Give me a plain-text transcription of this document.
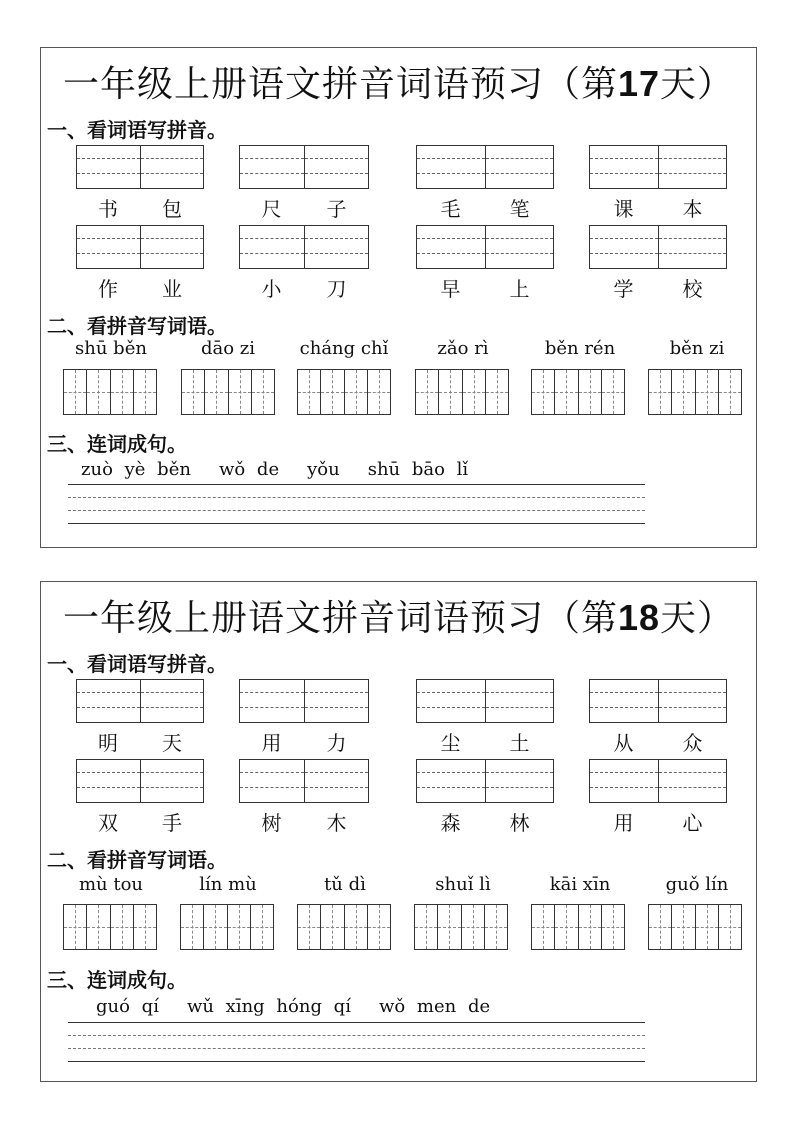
一年级上册语文拼音词语预习（第17天）
一、看词语写拼音。
书 包	尺 子	毛 笔	课 本
作 业	小 刀	早 上	学 校
二、看拼音写词语。
shū běn	dāo zi	cháng chǐ	zǎo rì	běn rén	běn zi
三、连词成句。
zuò yè běn wǒ de yǒu shū bāo lǐ
一年级上册语文拼音词语预习（第18天）
一、看词语写拼音。
明 天	用 力	尘 土	从 众
双 手	树 木	森 林	用 心
二、看拼音写词语。
mù tou	lín mù	tǔ dì	shuǐ lì	kāi xīn	guǒ lín
三、连词成句。
guó qí wǔ xīng hóng qí wǒ men de
